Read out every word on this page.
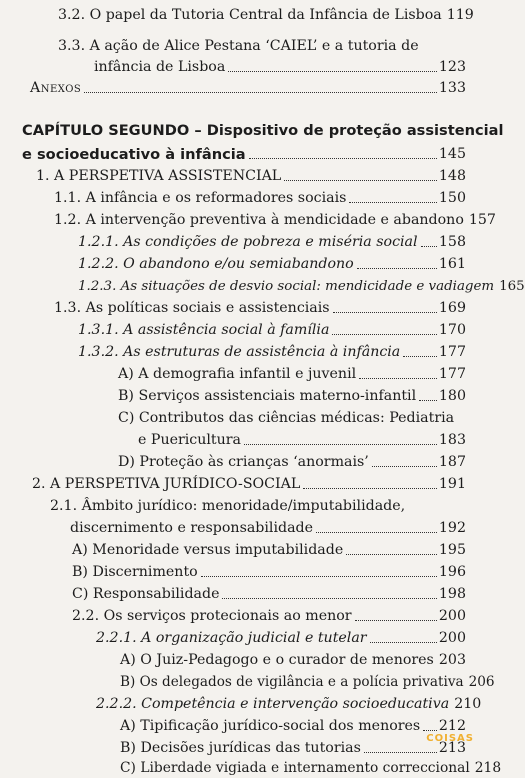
3.2. O papel da Tutoria Central da Infância de Lisboa 119
3.3. A ação de Alice Pestana ‘CAIEL’ e a tutoria de
infância de Lisboa	123
Anexos	133
CAPÍTULO SEGUNDO – Dispositivo de proteção assistencial
e socioeducativo à infância	145
1. A PERSPETIVA ASSISTENCIAL	148
1.1. A infância e os reformadores sociais	150
1.2. A intervenção preventiva à mendicidade e abandono 157
1.2.1. As condições de pobreza e miséria social 158
1.2.2. O abandono e/ou semiabandono	161
1.2.3. As situações de desvio social: mendicidade e vadiagem 165
1.3. As políticas sociais e assistenciais	169
1.3.1. A assistência social à família	170
1.3.2. As estruturas de assistência à infância	177
A) A demografia infantil e juvenil	177
B) Serviços assistenciais materno-infantil 180
C) Contributos das ciências médicas: Pediatria
e Puericultura	183
D) Proteção às crianças ‘anormais’	187
2. A PERSPETIVA JURÍDICO-SOCIAL	191
2.1. Âmbito jurídico: menoridade/imputabilidade,
discernimento e responsabilidade	192
A) Menoridade versus imputabilidade	195
B) Discernimento	196
C) Responsabilidade	198
2.2. Os serviços protecionais ao menor	200
2.2.1. A organização judicial e tutelar	200
A) O Juiz-Pedagogo e o curador de menores 203
B) Os delegados de vigilância e a polícia privativa 206
2.2.2. Competência e intervenção socioeducativa 210
A) Tipificação jurídico-social dos menores 212
B) Decisões jurídicas das tutorias	213
C) Liberdade vigiada e internamento correccional 218
COISAS
